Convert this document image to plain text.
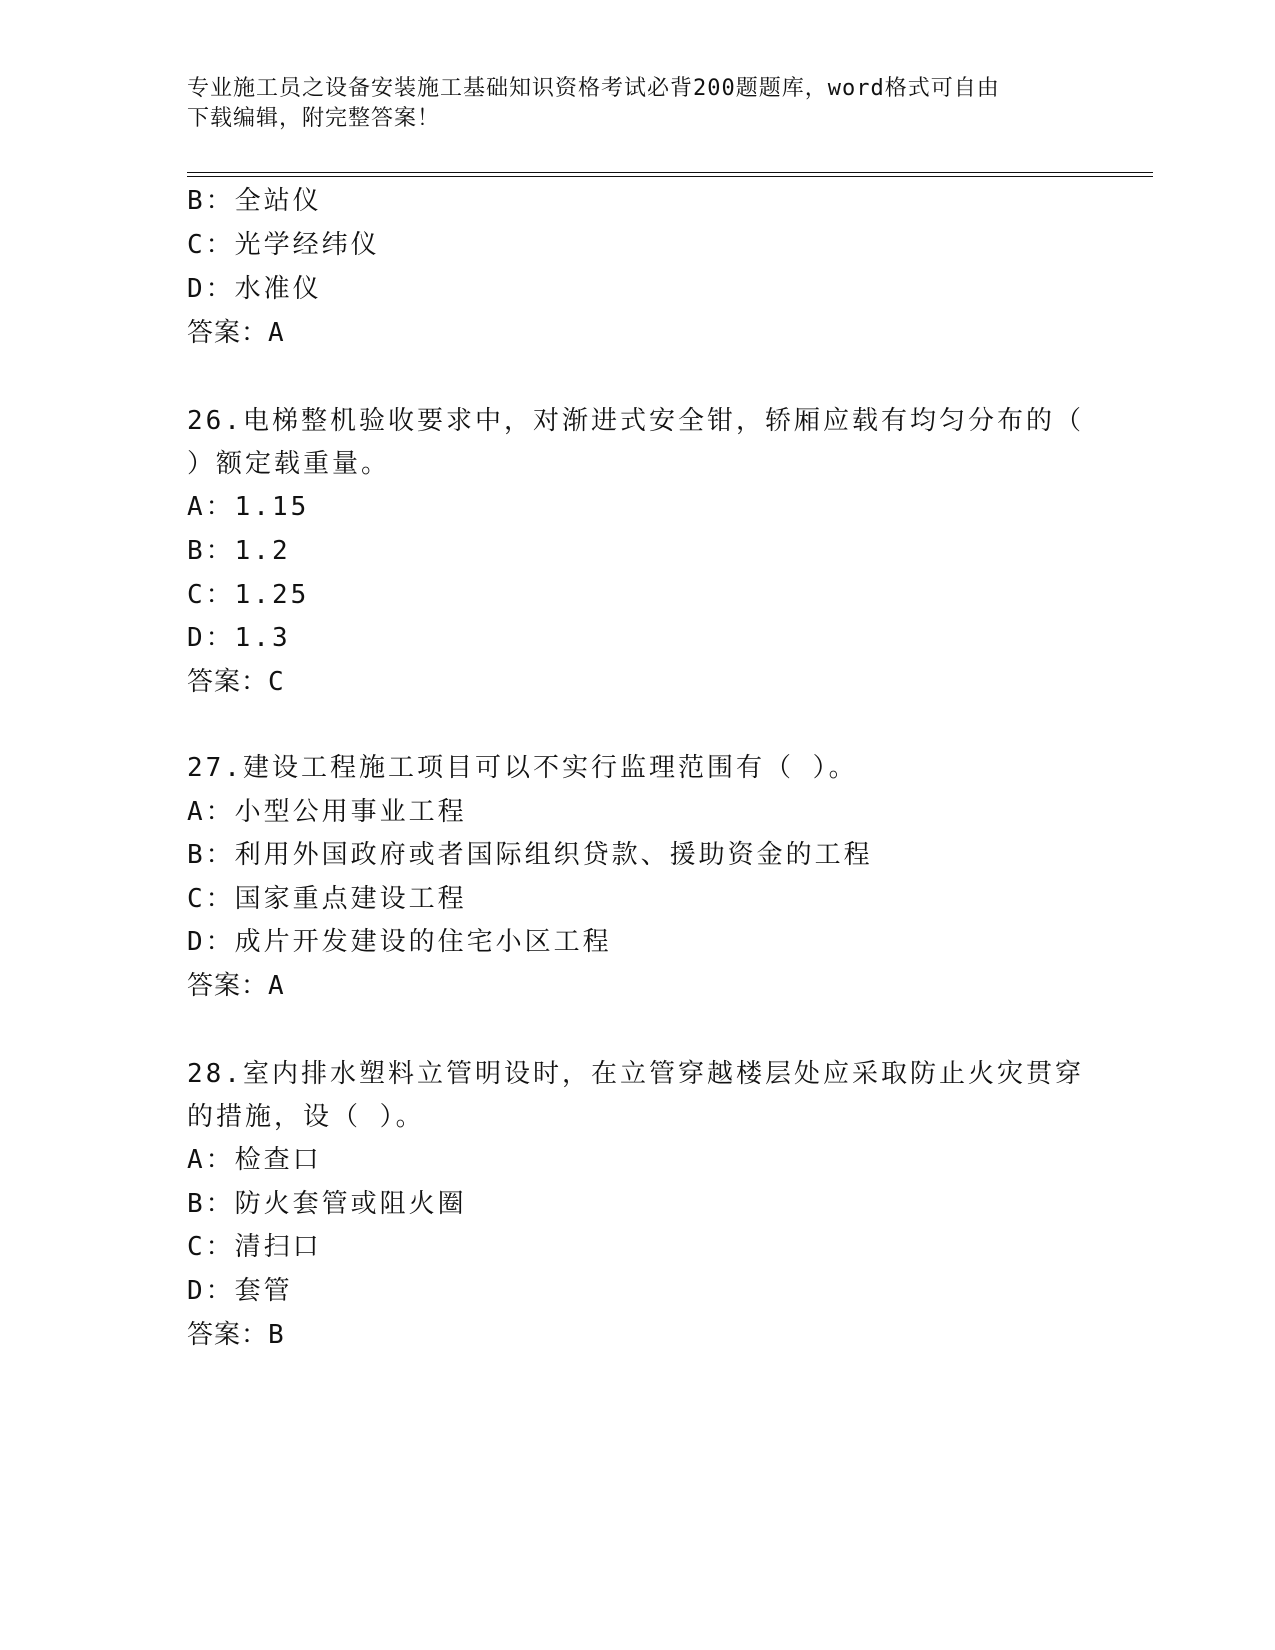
专业施工员之设备安装施工基础知识资格考试必背200题题库，word格式可自由
下载编辑，附完整答案！
B：全站仪
C：光学经纬仪
D：水准仪
答案：A
26.电梯整机验收要求中，对渐进式安全钳，轿厢应载有均匀分布的（
）额定载重量。
A：1.15
B：1.2
C：1.25
D：1.3
答案：C
27.建设工程施工项目可以不实行监理范围有（ ）。
A：小型公用事业工程
B：利用外国政府或者国际组织贷款、援助资金的工程
C：国家重点建设工程
D：成片开发建设的住宅小区工程
答案：A
28.室内排水塑料立管明设时，在立管穿越楼层处应采取防止火灾贯穿
的措施，设（ ）。
A：检查口
B：防火套管或阻火圈
C：清扫口
D：套管
答案：B
